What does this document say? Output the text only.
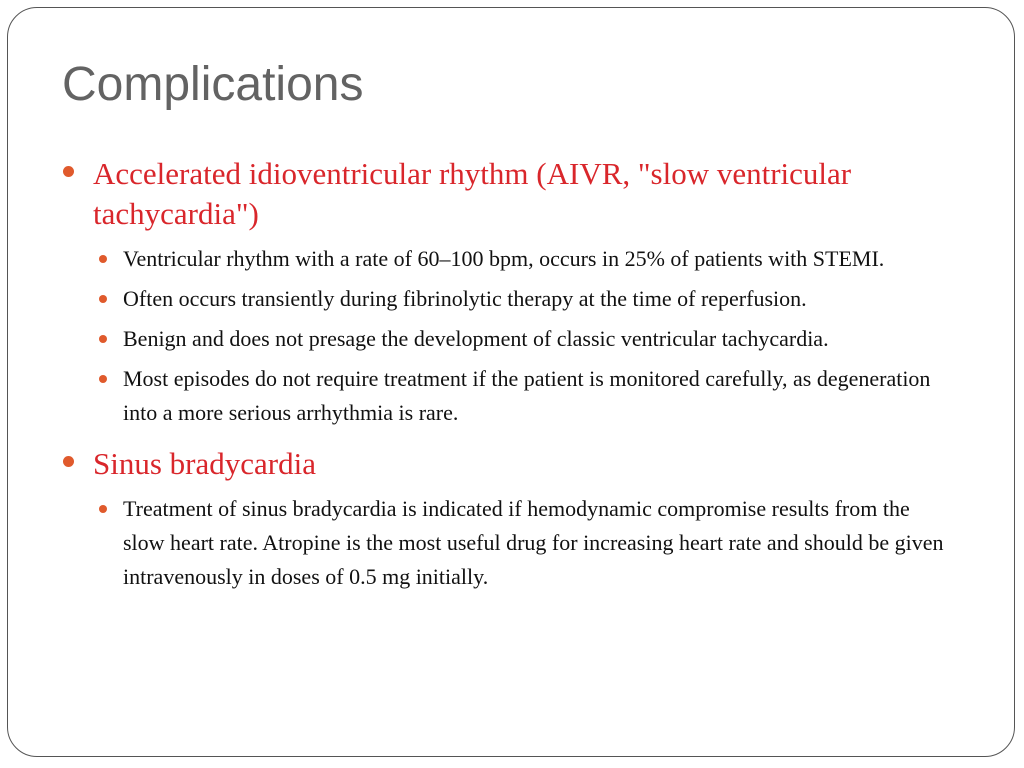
Complications
Accelerated idioventricular rhythm (AIVR, "slow ventricular tachycardia")
Ventricular rhythm with a rate of 60–100 bpm, occurs in 25% of patients with STEMI.
Often occurs transiently during fibrinolytic therapy at the time of reperfusion.
Benign and does not presage the development of classic ventricular tachycardia.
Most episodes do not require treatment if the patient is monitored carefully, as degeneration into a more serious arrhythmia is rare.
Sinus bradycardia
Treatment of sinus bradycardia is indicated if hemodynamic compromise results from the slow heart rate. Atropine is the most useful drug for increasing heart rate and should be given intravenously in doses of 0.5 mg initially.
